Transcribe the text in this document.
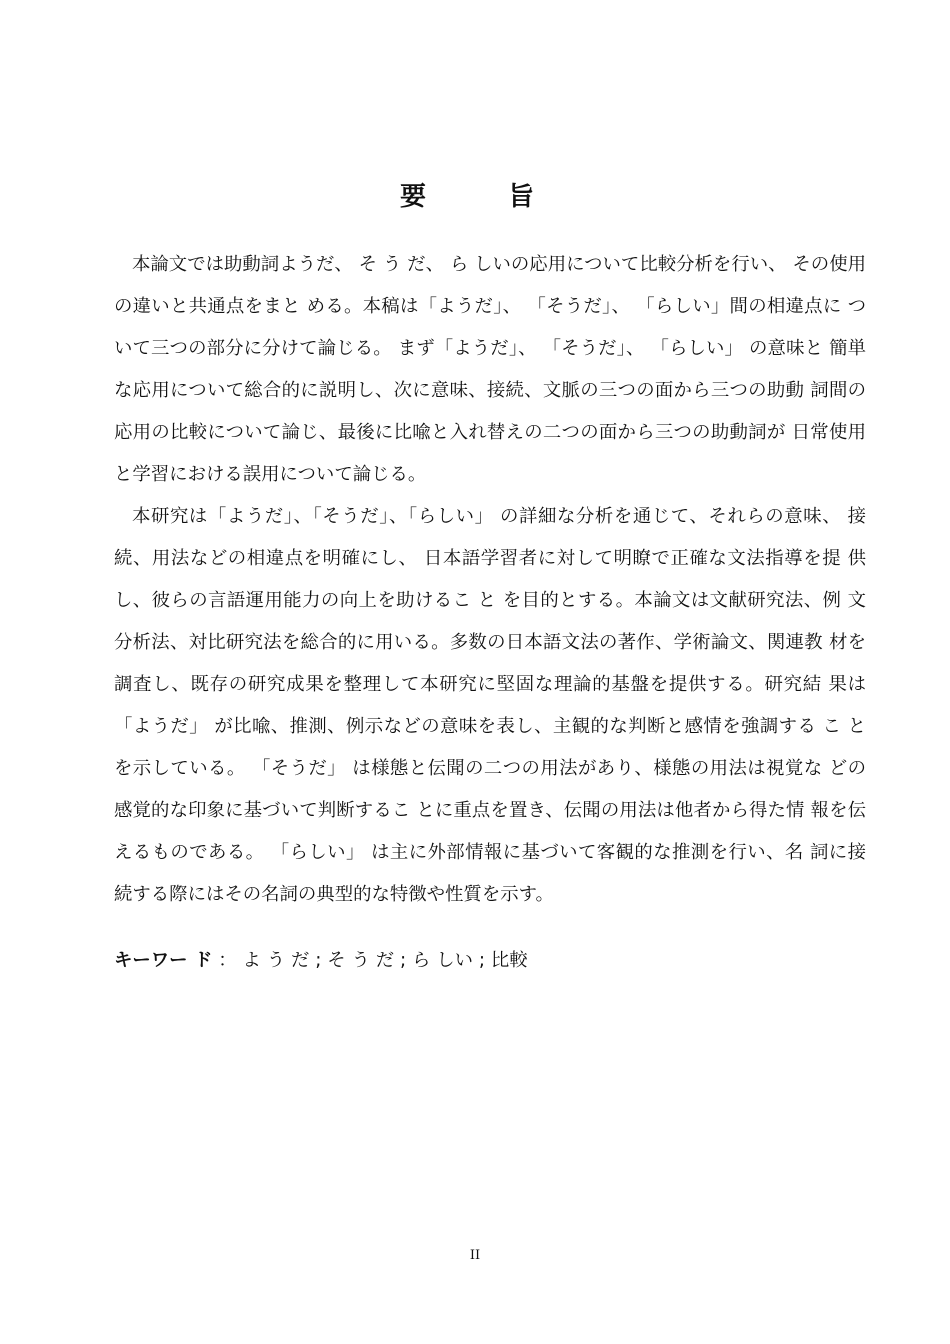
要　旨

本論文では助動詞ようだ、 そ う だ、 ら しいの応用について比較分析を行い、 その使用 の違いと共通点をまと める。本稿は「ようだ」、 「そうだ」、 「らしい」間の相違点に ついて三つの部分に分けて論じる。 まず「ようだ」、 「そうだ」、 「らしい」 の意味と 簡単な応用について総合的に説明し、次に意味、接続、文脈の三つの面から三つの助動 詞間の応用の比較について論じ、最後に比喩と入れ替えの二つの面から三つの助動詞が 日常使用と学習における誤用について論じる。

本研究は「ようだ」、「そうだ」、「らしい」 の詳細な分析を通じて、それらの意味、 接続、用法などの相違点を明確にし、 日本語学習者に対して明瞭で正確な文法指導を提 供し、彼らの言語運用能力の向上を助けるこ と を目的とする。本論文は文献研究法、例 文分析法、対比研究法を総合的に用いる。多数の日本語文法の著作、学術論文、関連教 材を調査し、既存の研究成果を整理して本研究に堅固な理論的基盤を提供する。研究結 果は「ようだ」 が比喩、推測、例示などの意味を表し、主観的な判断と感情を強調する こ と を示している。 「そうだ」 は様態と伝聞の二つの用法があり、様態の用法は視覚な どの感覚的な印象に基づいて判断するこ とに重点を置き、伝聞の用法は他者から得た情 報を伝えるものである。 「らしい」 は主に外部情報に基づいて客観的な推測を行い、名 詞に接続する際にはその名詞の典型的な特徴や性質を示す。

キーワー ド ： よ う だ ; そ う だ ; ら しい ; 比較
II
